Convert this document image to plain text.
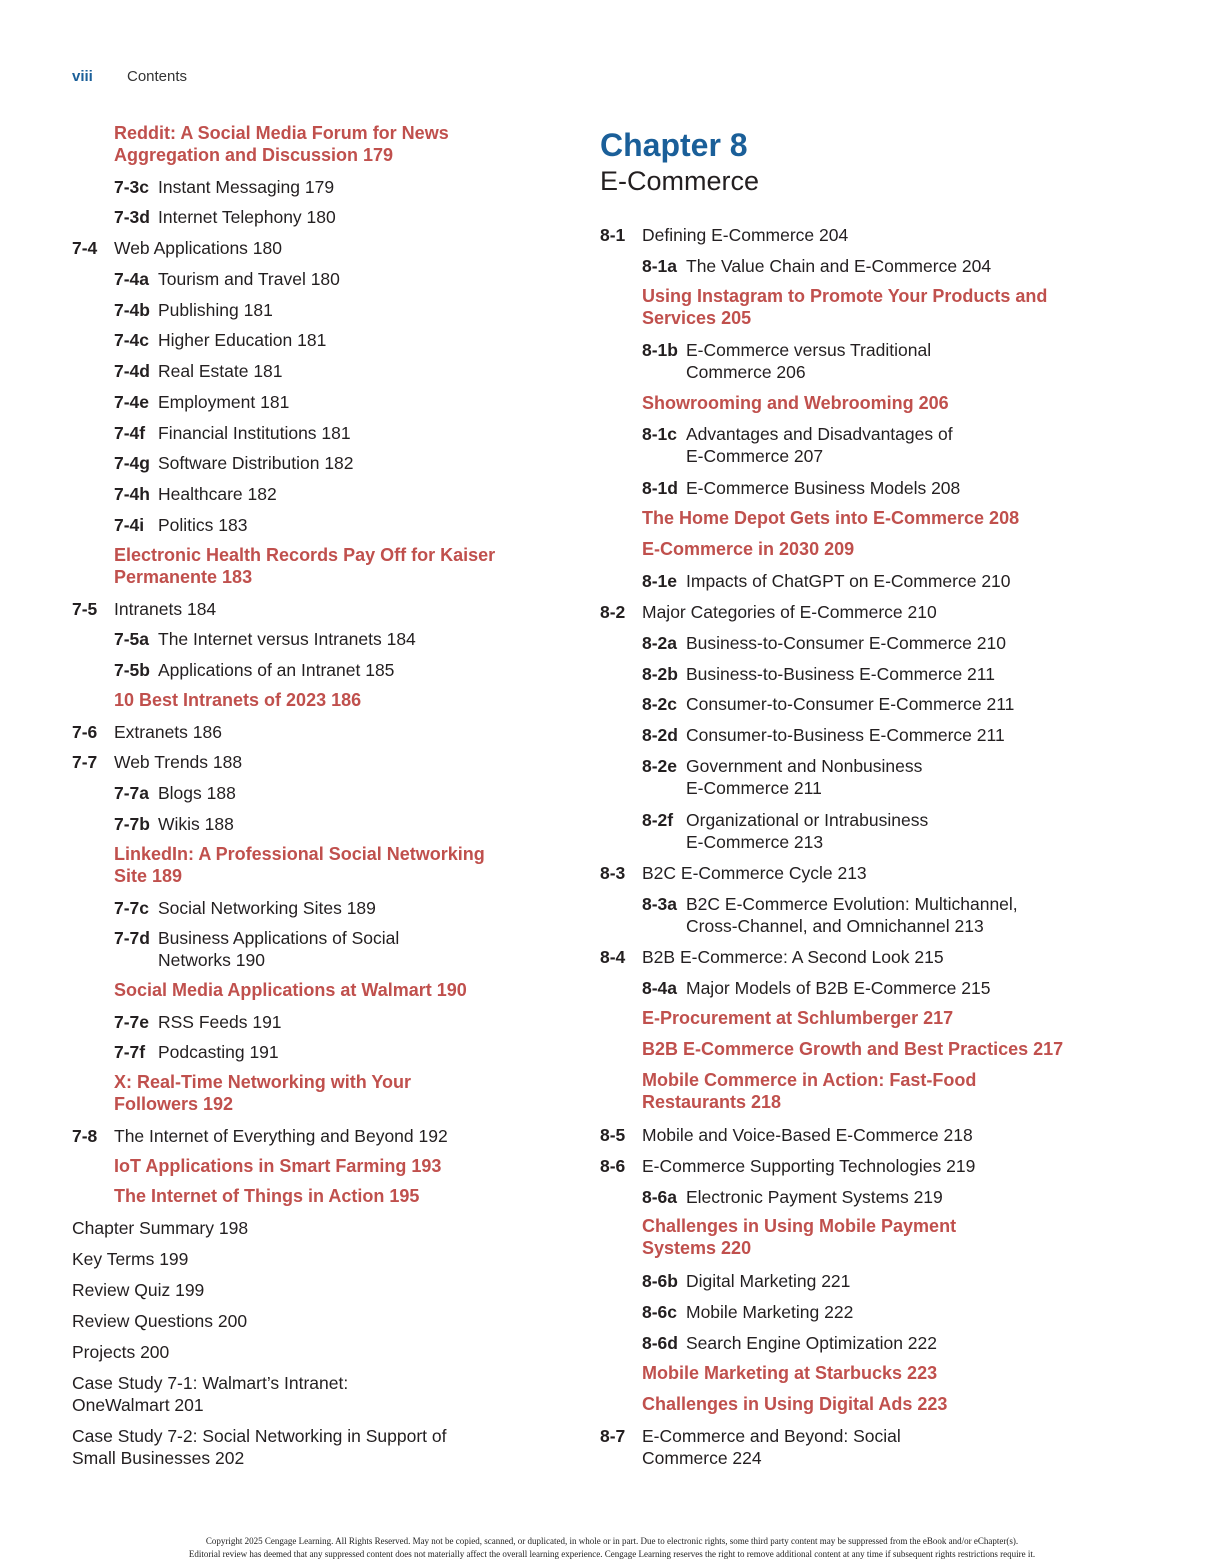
viii Contents
Reddit: A Social Media Forum for News
Aggregation and Discussion 179
7-3c Instant Messaging 179
7-3d Internet Telephony 180
7-4 Web Applications 180
7-4a Tourism and Travel 180
7-4b Publishing 181
7-4c Higher Education 181
7-4d Real Estate 181
7-4e Employment 181
7-4f Financial Institutions 181
7-4g Software Distribution 182
7-4h Healthcare 182
7-4i Politics 183
Electronic Health Records Pay Off for Kaiser
Permanente 183
7-5 Intranets 184
7-5a The Internet versus Intranets 184
7-5b Applications of an Intranet 185
10 Best Intranets of 2023 186
7-6 Extranets 186
7-7 Web Trends 188
7-7a Blogs 188
7-7b Wikis 188
LinkedIn: A Professional Social Networking
Site 189
7-7c Social Networking Sites 189
7-7d Business Applications of Social
Networks 190
Social Media Applications at Walmart 190
7-7e RSS Feeds 191
7-7f Podcasting 191
X: Real-Time Networking with Your
Followers 192
7-8 The Internet of Everything and Beyond 192
IoT Applications in Smart Farming 193
The Internet of Things in Action 195
Chapter Summary 198
Key Terms 199
Review Quiz 199
Review Questions 200
Projects 200
Case Study 7-1: Walmart’s Intranet:
OneWalmart 201
Case Study 7-2: Social Networking in Support of
Small Businesses 202
Chapter 8
E-Commerce
8-1 Defining E-Commerce 204
8-1a The Value Chain and E-Commerce 204
Using Instagram to Promote Your Products and
Services 205
8-1b E-Commerce versus Traditional
Commerce 206
Showrooming and Webrooming 206
8-1c Advantages and Disadvantages of
E-Commerce 207
8-1d E-Commerce Business Models 208
The Home Depot Gets into E-Commerce 208
E-Commerce in 2030 209
8-1e Impacts of ChatGPT on E-Commerce 210
8-2 Major Categories of E-Commerce 210
8-2a Business-to-Consumer E-Commerce 210
8-2b Business-to-Business E-Commerce 211
8-2c Consumer-to-Consumer E-Commerce 211
8-2d Consumer-to-Business E-Commerce 211
8-2e Government and Nonbusiness
E-Commerce 211
8-2f Organizational or Intrabusiness
E-Commerce 213
8-3 B2C E-Commerce Cycle 213
8-3a B2C E-Commerce Evolution: Multichannel,
Cross-Channel, and Omnichannel 213
8-4 B2B E-Commerce: A Second Look 215
8-4a Major Models of B2B E-Commerce 215
E-Procurement at Schlumberger 217
B2B E-Commerce Growth and Best Practices 217
Mobile Commerce in Action: Fast-Food
Restaurants 218
8-5 Mobile and Voice-Based E-Commerce 218
8-6 E-Commerce Supporting Technologies 219
8-6a Electronic Payment Systems 219
Challenges in Using Mobile Payment
Systems 220
8-6b Digital Marketing 221
8-6c Mobile Marketing 222
8-6d Search Engine Optimization 222
Mobile Marketing at Starbucks 223
Challenges in Using Digital Ads 223
8-7 E-Commerce and Beyond: Social
Commerce 224
Copyright 2025 Cengage Learning. All Rights Reserved. May not be copied, scanned, or duplicated, in whole or in part. Due to electronic rights, some third party content may be suppressed from the eBook and/or eChapter(s).
Editorial review has deemed that any suppressed content does not materially affect the overall learning experience. Cengage Learning reserves the right to remove additional content at any time if subsequent rights restrictions require it.
